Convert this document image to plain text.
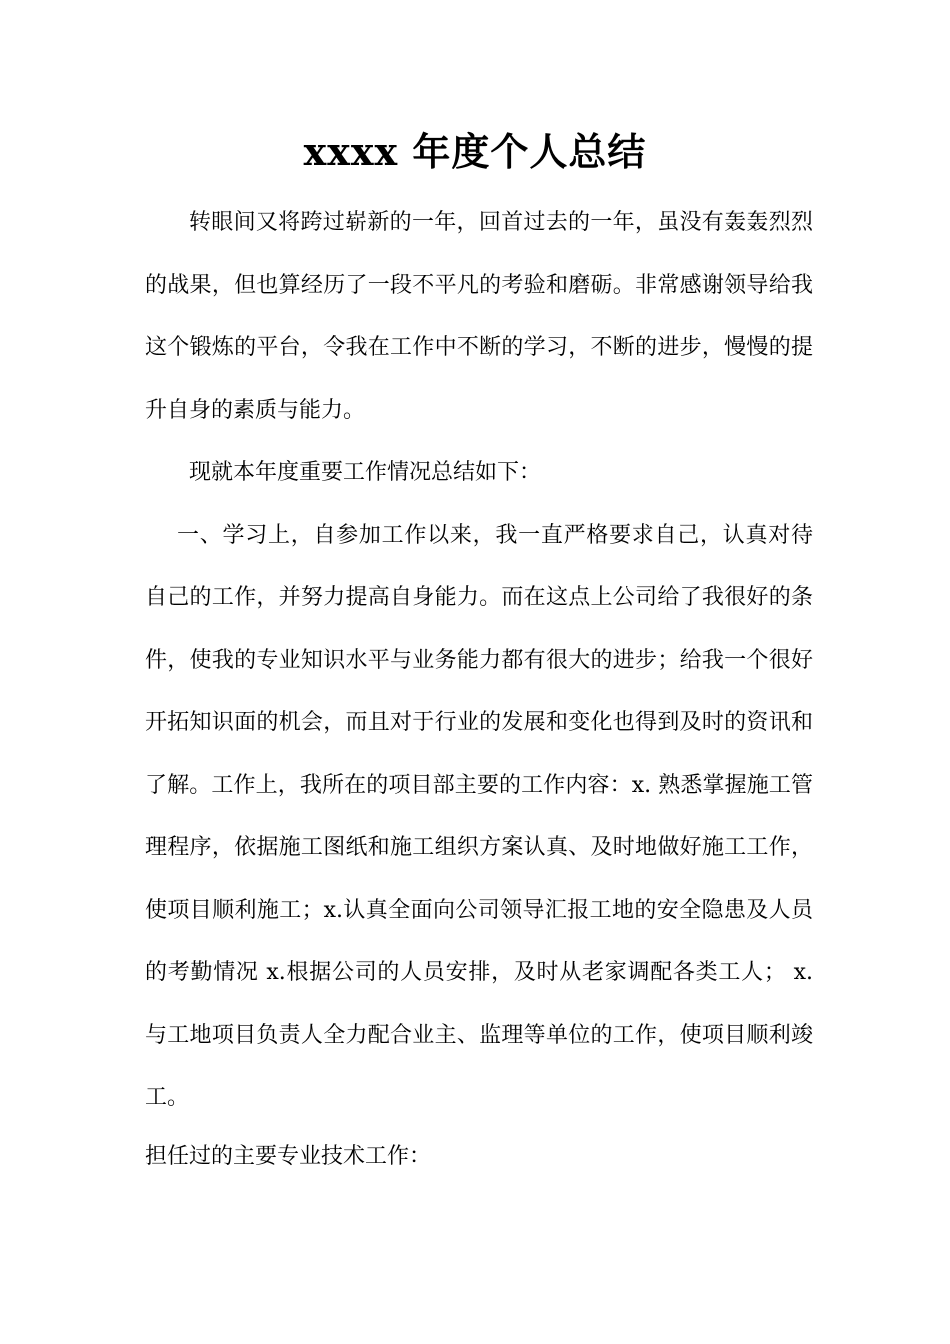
xxxx 年度个人总结

转眼间又将跨过崭新的一年，回首过去的一年，虽没有轰轰烈烈的战果，但也算经历了一段不平凡的考验和磨砺。非常感谢领导给我这个锻炼的平台，令我在工作中不断的学习，不断的进步，慢慢的提升自身的素质与能力。

现就本年度重要工作情况总结如下：

一、学习上，自参加工作以来，我一直严格要求自己，认真对待自己的工作，并努力提高自身能力。而在这点上公司给了我很好的条件，使我的专业知识水平与业务能力都有很大的进步；给我一个很好开拓知识面的机会，而且对于行业的发展和变化也得到及时的资讯和了解。工作上，我所在的项目部主要的工作内容：x. 熟悉掌握施工管理程序，依据施工图纸和施工组织方案认真、及时地做好施工工作，使项目顺利施工；x.认真全面向公司领导汇报工地的安全隐患及人员的考勤情况 x.根据公司的人员安排，及时从老家调配各类工人； x.与工地项目负责人全力配合业主、监理等单位的工作，使项目顺利竣工。

担任过的主要专业技术工作：
